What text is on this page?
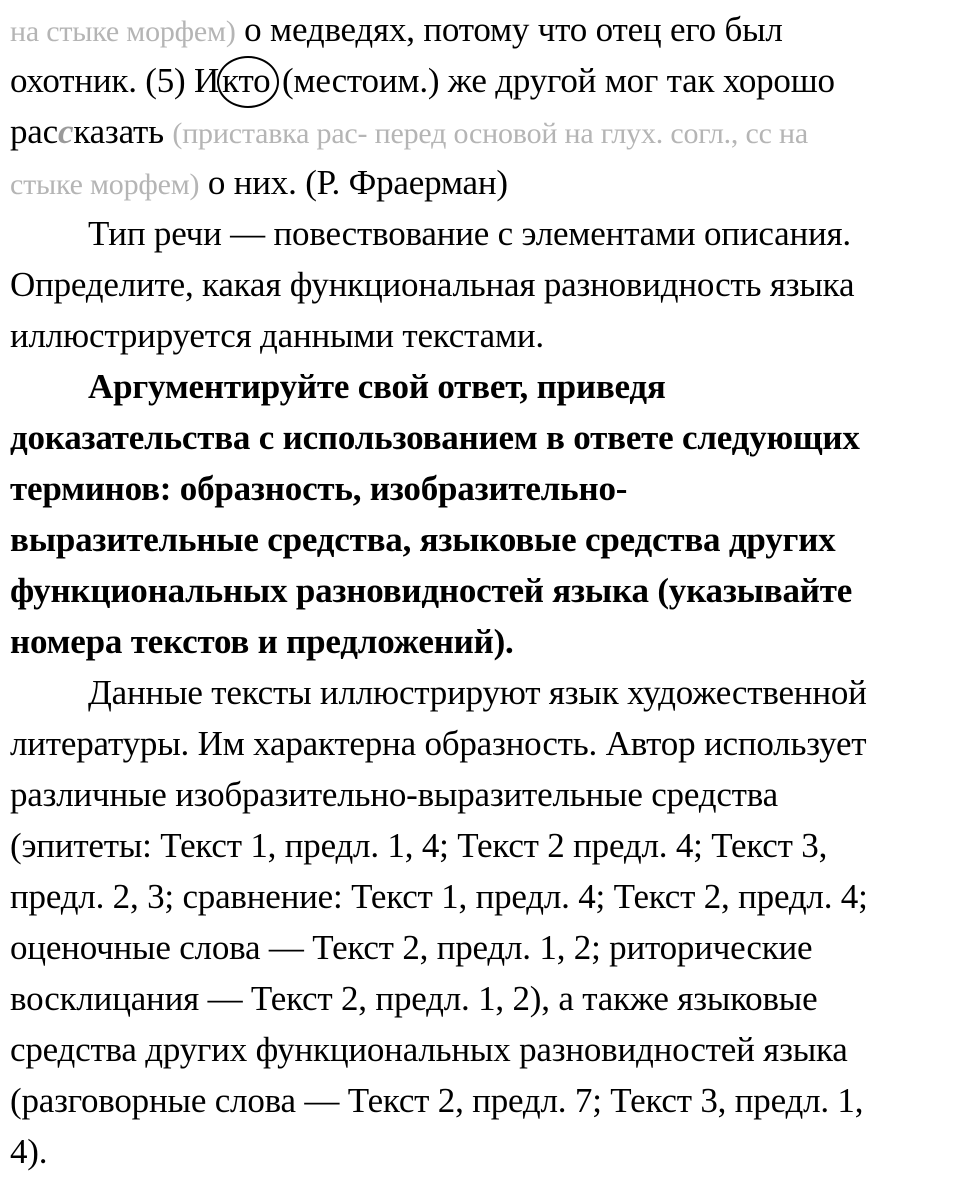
на стыке морфем) о медведях, потому что отец его был
охотник. (5) Икто (местоим.) же другой мог так хорошо
рассказать (приставка рас- перед основой на глух. согл., сс на
стыке морфем) о них. (Р. Фраерман)
Тип речи — повествование с элементами описания.
Определите, какая функциональная разновидность языка
иллюстрируется данными текстами.
Аргументируйте свой ответ, приведя
доказательства с использованием в ответе следующих
терминов: образность, изобразительно-
выразительные средства, языковые средства других
функциональных разновидностей языка (указывайте
номера текстов и предложений).
Данные тексты иллюстрируют язык художественной
литературы. Им характерна образность. Автор использует
различные изобразительно-выразительные средства
(эпитеты: Текст 1, предл. 1, 4; Текст 2 предл. 4; Текст 3,
предл. 2, 3; сравнение: Текст 1, предл. 4; Текст 2, предл. 4;
оценочные слова — Текст 2, предл. 1, 2; риторические
восклицания — Текст 2, предл. 1, 2), а также языковые
средства других функциональных разновидностей языка
(разговорные слова — Текст 2, предл. 7; Текст 3, предл. 1,
4).
